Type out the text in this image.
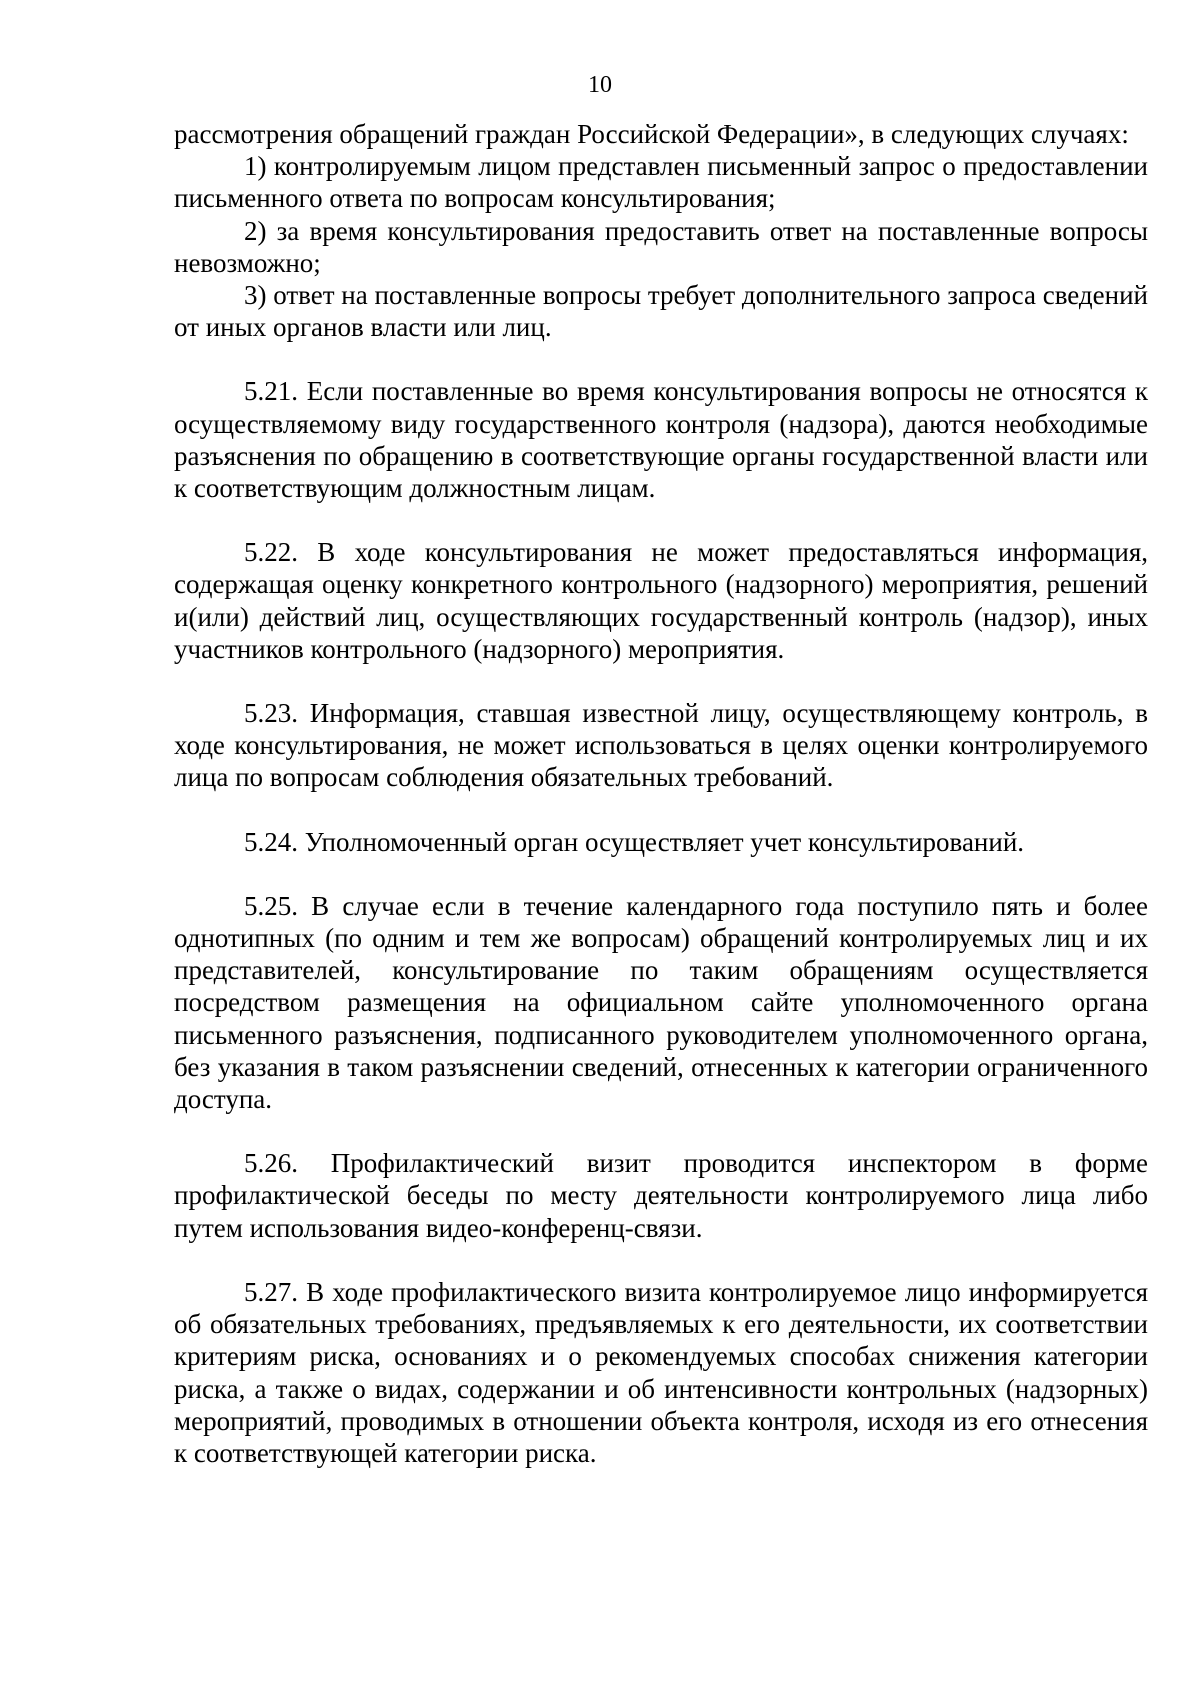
10

рассмотрения обращений граждан Российской Федерации», в следующих случаях:

1) контролируемым лицом представлен письменный запрос о предоставлении письменного ответа по вопросам консультирования;

2) за время консультирования предоставить ответ на поставленные вопросы невозможно;

3) ответ на поставленные вопросы требует дополнительного запроса сведений от иных органов власти или лиц.

5.21. Если поставленные во время консультирования вопросы не относятся к осуществляемому виду государственного контроля (надзора), даются необходимые разъяснения по обращению в соответствующие органы государственной власти или к соответствующим должностным лицам.

5.22. В ходе консультирования не может предоставляться информация, содержащая оценку конкретного контрольного (надзорного) мероприятия, решений и(или) действий лиц, осуществляющих государственный контроль (надзор), иных участников контрольного (надзорного) мероприятия.

5.23. Информация, ставшая известной лицу, осуществляющему контроль, в ходе консультирования, не может использоваться в целях оценки контролируемого лица по вопросам соблюдения обязательных требований.

5.24. Уполномоченный орган осуществляет учет консультирований.

5.25. В случае если в течение календарного года поступило пять и более однотипных (по одним и тем же вопросам) обращений контролируемых лиц и их представителей, консультирование по таким обращениям осуществляется посредством размещения на официальном сайте уполномоченного органа письменного разъяснения, подписанного руководителем уполномоченного органа, без указания в таком разъяснении сведений, отнесенных к категории ограниченного доступа.

5.26. Профилактический визит проводится инспектором в форме профилактической беседы по месту деятельности контролируемого лица либо путем использования видео-конференц-связи.

5.27. В ходе профилактического визита контролируемое лицо информируется об обязательных требованиях, предъявляемых к его деятельности, их соответствии критериям риска, основаниях и о рекомендуемых способах снижения категории риска, а также о видах, содержании и об интенсивности контрольных (надзорных) мероприятий, проводимых в отношении объекта контроля, исходя из его отнесения к соответствующей категории риска.
